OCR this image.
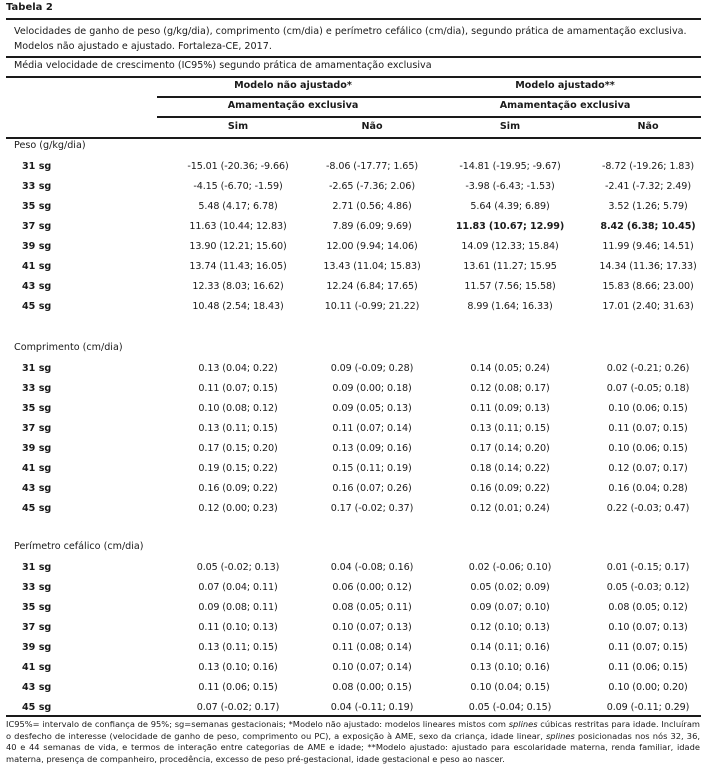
Tabela 2
Velocidades de ganho de peso (g/kg/dia), comprimento (cm/dia) e perímetro cefálico (cm/dia), segundo prática de amamentação exclusiva. Modelos não ajustado e ajustado. Fortaleza-CE, 2017.
Média velocidade de crescimento (IC95%) segundo prática de amamentação exclusiva
Modelo não ajustado*	Modelo ajustado**
Amamentação exclusiva	Amamentação exclusiva
Sim	Não	Sim	Não
Peso (g/kg/dia)
31 sg	-15.01 (-20.36; -9.66)	-8.06 (-17.77; 1.65)	-14.81 (-19.95; -9.67)	-8.72 (-19.26; 1.83)
33 sg	-4.15 (-6.70; -1.59)	-2.65 (-7.36; 2.06)	-3.98 (-6.43; -1.53)	-2.41 (-7.32; 2.49)
35 sg	5.48 (4.17; 6.78)	2.71 (0.56; 4.86)	5.64 (4.39; 6.89)	3.52 (1.26; 5.79)
37 sg	11.63 (10.44; 12.83)	7.89 (6.09; 9.69)	11.83 (10.67; 12.99)	8.42 (6.38; 10.45)
39 sg	13.90 (12.21; 15.60)	12.00 (9.94; 14.06)	14.09 (12.33; 15.84)	11.99 (9.46; 14.51)
41 sg	13.74 (11.43; 16.05)	13.43 (11.04; 15.83)	13.61 (11.27; 15.95	14.34 (11.36; 17.33)
43 sg	12.33 (8.03; 16.62)	12.24 (6.84; 17.65)	11.57 (7.56; 15.58)	15.83 (8.66; 23.00)
45 sg	10.48 (2.54; 18.43)	10.11 (-0.99; 21.22)	8.99 (1.64; 16.33)	17.01 (2.40; 31.63)
Comprimento (cm/dia)
31 sg	0.13 (0.04; 0.22)	0.09 (-0.09; 0.28)	0.14 (0.05; 0.24)	0.02 (-0.21; 0.26)
33 sg	0.11 (0.07; 0.15)	0.09 (0.00; 0.18)	0.12 (0.08; 0.17)	0.07 (-0.05; 0.18)
35 sg	0.10 (0.08; 0.12)	0.09 (0.05; 0.13)	0.11 (0.09; 0.13)	0.10 (0.06; 0.15)
37 sg	0.13 (0.11; 0.15)	0.11 (0.07; 0.14)	0.13 (0.11; 0.15)	0.11 (0.07; 0.15)
39 sg	0.17 (0.15; 0.20)	0.13 (0.09; 0.16)	0.17 (0.14; 0.20)	0.10 (0.06; 0.15)
41 sg	0.19 (0.15; 0.22)	0.15 (0.11; 0.19)	0.18 (0.14; 0.22)	0.12 (0.07; 0.17)
43 sg	0.16 (0.09; 0.22)	0.16 (0.07; 0.26)	0.16 (0.09; 0.22)	0.16 (0.04; 0.28)
45 sg	0.12 (0.00; 0.23)	0.17 (-0.02; 0.37)	0.12 (0.01; 0.24)	0.22 (-0.03; 0.47)
Perímetro cefálico (cm/dia)
31 sg	0.05 (-0.02; 0.13)	0.04 (-0.08; 0.16)	0.02 (-0.06; 0.10)	0.01 (-0.15; 0.17)
33 sg	0.07 (0.04; 0.11)	0.06 (0.00; 0.12)	0.05 (0.02; 0.09)	0.05 (-0.03; 0.12)
35 sg	0.09 (0.08; 0.11)	0.08 (0.05; 0.11)	0.09 (0.07; 0.10)	0.08 (0.05; 0.12)
37 sg	0.11 (0.10; 0.13)	0.10 (0.07; 0.13)	0.12 (0.10; 0.13)	0.10 (0.07; 0.13)
39 sg	0.13 (0.11; 0.15)	0.11 (0.08; 0.14)	0.14 (0.11; 0.16)	0.11 (0.07; 0.15)
41 sg	0.13 (0.10; 0.16)	0.10 (0.07; 0.14)	0.13 (0.10; 0.16)	0.11 (0.06; 0.15)
43 sg	0.11 (0.06; 0.15)	0.08 (0.00; 0.15)	0.10 (0.04; 0.15)	0.10 (0.00; 0.20)
45 sg	0.07 (-0.02; 0.17)	0.04 (-0.11; 0.19)	0.05 (-0.04; 0.15)	0.09 (-0.11; 0.29)
IC95%= intervalo de confiança de 95%; sg=semanas gestacionais; *Modelo não ajustado: modelos lineares mistos com splines cúbicas restritas para idade. Incluíram o desfecho de interesse (velocidade de ganho de peso, comprimento ou PC), a exposição à AME, sexo da criança, idade linear, splines posicionadas nos nós 32, 36, 40 e 44 semanas de vida, e termos de interação entre categorias de AME e idade; **Modelo ajustado: ajustado para escolaridade materna, renda familiar, idade materna, presença de companheiro, procedência, excesso de peso pré-gestacional, idade gestacional e peso ao nascer.
